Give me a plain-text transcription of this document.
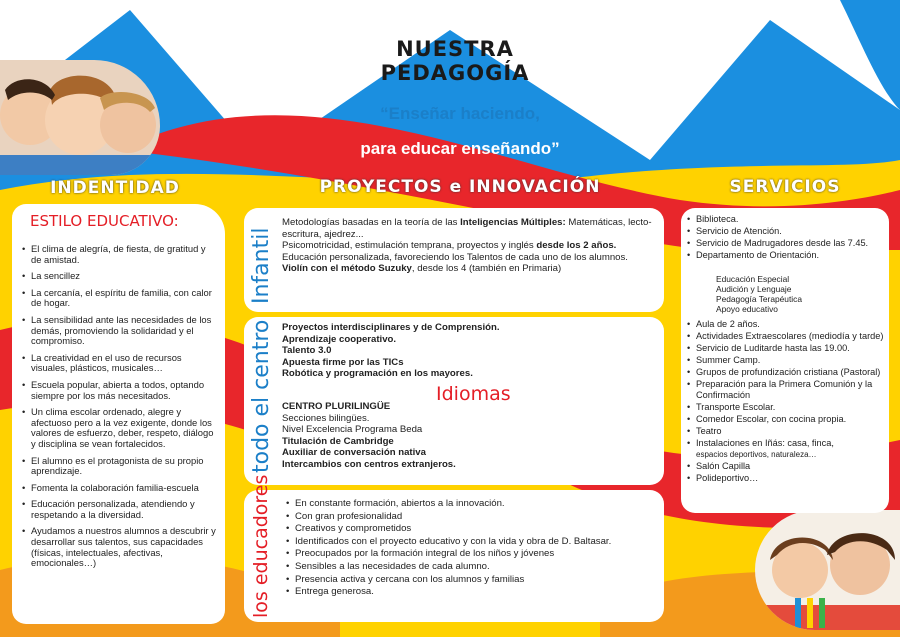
NUESTRA
PEDAGOGÍA
“Enseñar haciendo,
para educar enseñando”
INDENTIDAD	PROYECTOS e INNOVACIÓN	SERVICIOS
ESTILO EDUCATIVO:
• El clima de alegría, de fiesta, de gratitud y de amistad.
• La sencillez
• La cercanía, el espíritu de familia, con calor de hogar.
• La sensibilidad ante las necesidades de los demás, promoviendo la solidaridad y el compromiso.
• La creatividad en el uso de recursos visuales, plásticos, musicales…
• Escuela popular, abierta a todos, optando siempre por los más necesitados.
• Un clima escolar ordenado, alegre y afectuoso pero a la vez exigente, donde los valores de esfuerzo, deber, respeto, diálogo y disciplina se vean fortalecidos.
• El alumno es el protagonista de su propio aprendizaje.
• Fomenta la colaboración familia-escuela
• Educación personalizada, atendiendo y respetando a la diversidad.
• Ayudamos a nuestros alumnos a descubrir y desarrollar sus talentos, sus capacidades (físicas, intelectuales, afectivas, emocionales…)
Infantil
Metodologías basadas en la teoría de las Inteligencias Múltiples: Matemáticas, lecto-escritura, ajedrez...
Psicomotricidad, estimulación temprana, proyectos y inglés desde los 2 años.
Educación personalizada, favoreciendo los Talentos de cada uno de los alumnos.
Violín con el método Suzuky, desde los 4 (también en Primaria)
todo el centro Proyectos interdisciplinares y de Comprensión.
Aprendizaje cooperativo.
Talento 3.0
Apuesta firme por las TICs
Robótica y programación en los mayores.
Idiomas
CENTRO PLURILINGÜE
Secciones bilingües.
Nivel Excelencia Programa Beda
Titulación de Cambridge
Auxiliar de conversación nativa
Intercambios con centros extranjeros.
los educadores
•	En constante formación, abiertos a la innovación.
• Con gran profesionalidad
• Creativos y comprometidos
• Identificados con el proyecto educativo y con la vida y obra de D. Baltasar.
• Preocupados por la formación integral de los niños y jóvenes
• Sensibles a las necesidades de cada alumno.
• Presencia activa y cercana con los alumnos y familias
• Entrega generosa.
• Biblioteca.
• Servicio de Atención.
• Servicio de Madrugadores desde las 7.45.
• Departamento de Orientación.
Educación Especial
Audición y Lenguaje
Pedagogía Terapéutica
Apoyo educativo
• Aula de 2 años.
• Actividades Extraescolares (mediodía y tarde)
• Servicio de Luditarde hasta las 19.00.
• Summer Camp.
• Grupos de profundización cristiana (Pastoral)
• Preparación para la Primera Comunión y la Confirmación
• Transporte Escolar.
• Comedor Escolar, con cocina propia.
• Teatro
• Instalaciones en Iñás: casa, finca,
espacios deportivos, naturaleza…
• Salón Capilla
• Polideportivo…
